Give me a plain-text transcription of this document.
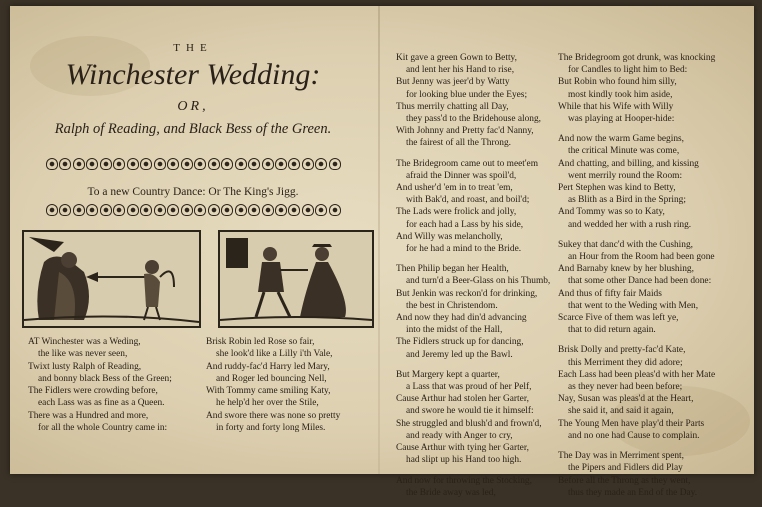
THE
Winchester Wedding:
OR,
Ralph of Reading, and Black Bess of the Green.
To a new Country Dance: Or The King's Jigg.
AT Winchester was a Weding,
the like was never seen,
Twixt lusty Ralph of Reading,
and bonny black Bess of the Green;
The Fidlers were crowding before,
each Lass was as fine as a Queen.
There was a Hundred and more,
for all the whole Country came in:
Brisk Robin led Rose so fair,
she look'd like a Lilly i'th Vale,
And ruddy-fac'd Harry led Mary,
and Roger led bouncing Nell,
With Tommy came smiling Katy,
he help'd her over the Stile,
And swore there was none so pretty
in forty and forty long Miles.
Kit gave a green Gown to Betty,
and lent her his Hand to rise,
But Jenny was jeer'd by Watty
for looking blue under the Eyes;
Thus merrily chatting all Day,
they pass'd to the Bridehouse along,
With Johnny and Pretty fac'd Nanny,
the fairest of all the Throng.
The Bridegroom came out to meet'em
afraid the Dinner was spoil'd,
And usher'd 'em in to treat 'em,
with Bak'd, and roast, and boil'd;
The Lads were frolick and jolly,
for each had a Lass by his side,
And Willy was melancholly,
for he had a mind to the Bride.
Then Philip began her Health,
and turn'd a Beer-Glass on his Thumb,
But Jenkin was reckon'd for drinking,
the best in Christendom.
And now they had din'd advancing
into the midst of the Hall,
The Fidlers struck up for dancing,
and Jeremy led up the Bawl.
But Margery kept a quarter,
a Lass that was proud of her Pelf,
Cause Arthur had stolen her Garter,
and swore he would tie it himself:
She struggled and blush'd and frown'd,
and ready with Anger to cry,
Cause Arthur with tying her Garter,
had slipt up his Hand too high.
And now for throwing the Stocking,
the Bride away was led,
The Bridegroom got drunk, was knocking
for Candles to light him to Bed:
But Robin who found him silly,
most kindly took him aside,
While that his Wife with Willy
was playing at Hooper-hide:
And now the warm Game begins,
the critical Minute was come,
And chatting, and billing, and kissing
went merrily round the Room:
Pert Stephen was kind to Betty,
as Blith as a Bird in the Spring;
And Tommy was so to Katy,
and wedded her with a rush ring.
Sukey that danc'd with the Cushing,
an Hour from the Room had been gone
And Barnaby knew by her blushing,
that some other Dance had been done:
And thus of fifty fair Maids
that went to the Weding with Men,
Scarce Five of them was left ye,
that to did return again.
Brisk Dolly and pretty-fac'd Kate,
this Merriment they did adore;
Each Lass had been pleas'd with her Mate
as they never had been before;
Nay, Susan was pleas'd at the Heart,
she said it, and said it again,
The Young Men have play'd their Parts
and no one had Cause to complain.
The Day was in Merriment spent,
the Pipers and Fidlers did Play
Before all the Throng as they went,
thus they made an End of the Day.
